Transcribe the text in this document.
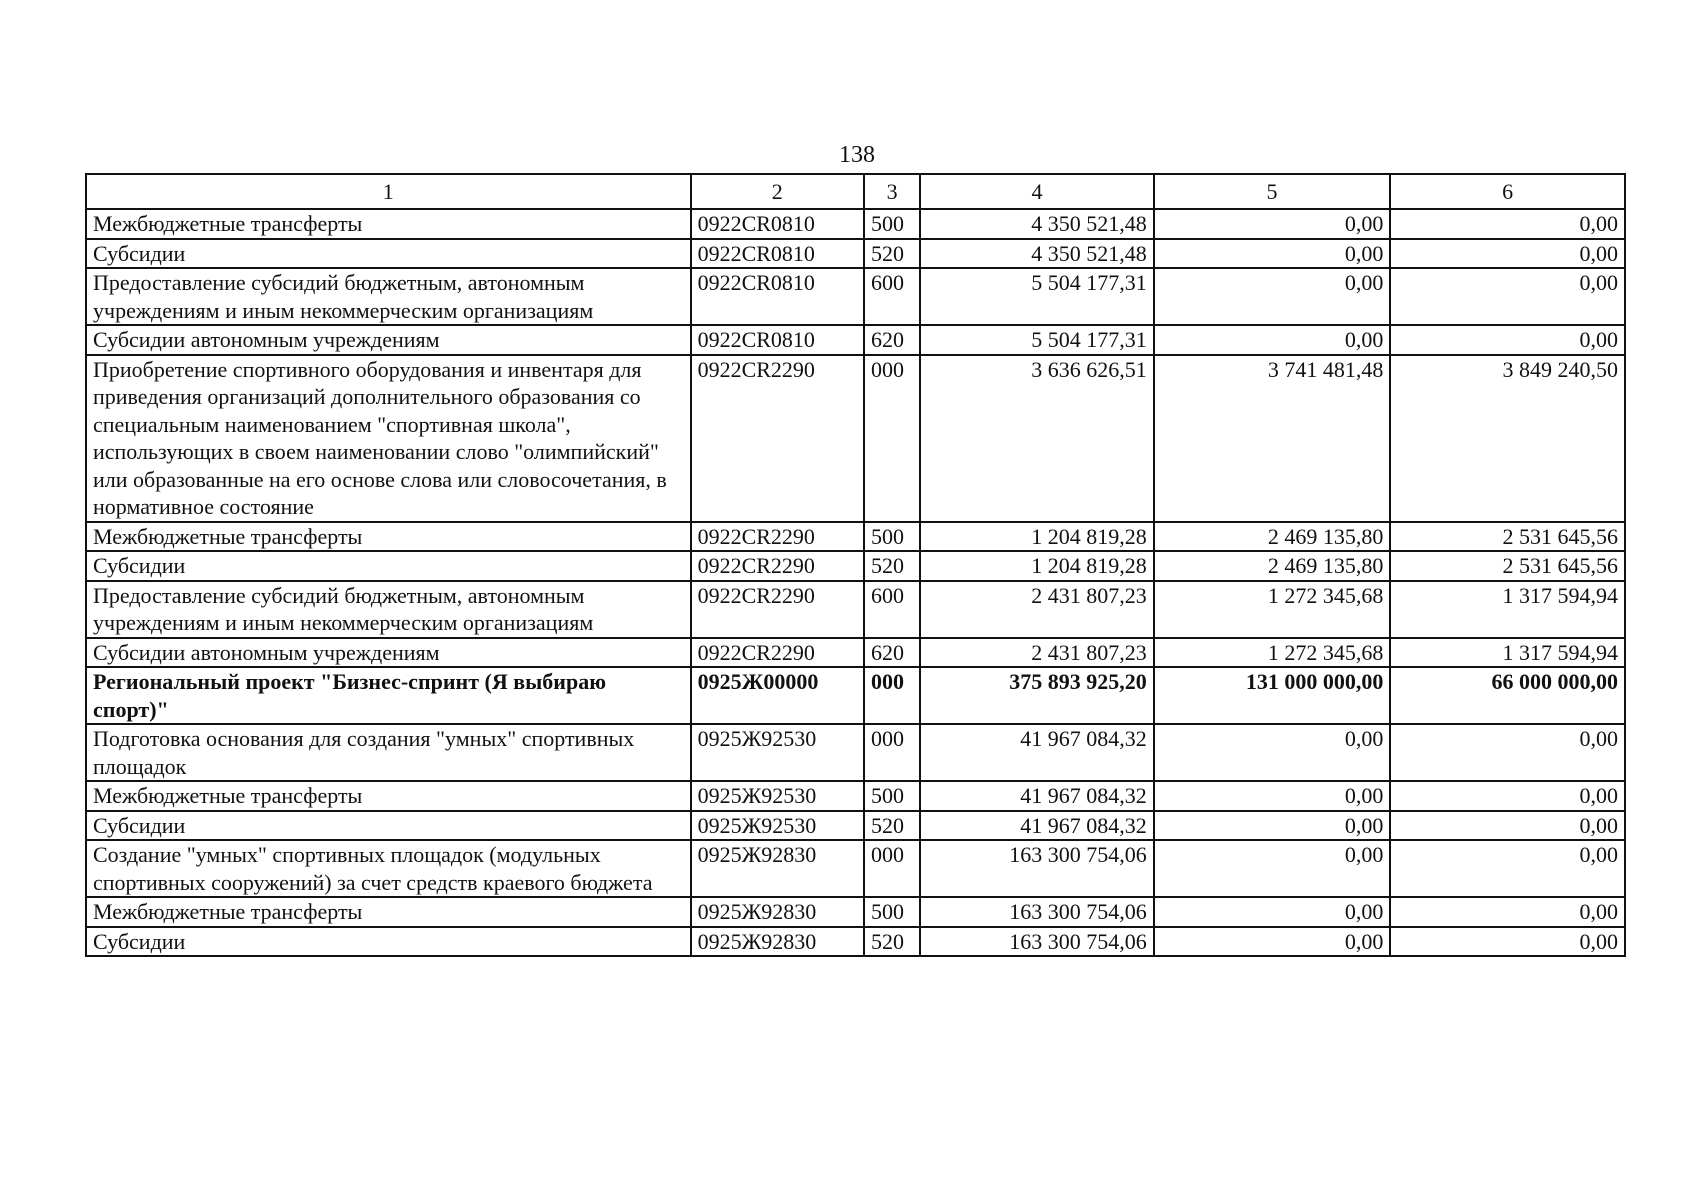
138
1	2	3	4	5	6
Межбюджетные трансферты	0922CR0810	500	4 350 521,48	0,00	0,00
Субсидии	0922CR0810	520	4 350 521,48	0,00	0,00
Предоставление субсидий бюджетным, автономным учреждениям и иным некоммерческим организациям	0922CR0810	600	5 504 177,31	0,00	0,00
Субсидии автономным учреждениям	0922CR0810	620	5 504 177,31	0,00	0,00
Приобретение спортивного оборудования и инвентаря для приведения организаций дополнительного образования со специальным наименованием "спортивная школа", использующих в своем наименовании слово "олимпийский" или образованные на его основе слова или словосочетания, в нормативное состояние	0922CR2290	000	3 636 626,51	3 741 481,48	3 849 240,50
Межбюджетные трансферты	0922CR2290	500	1 204 819,28	2 469 135,80	2 531 645,56
Субсидии	0922CR2290	520	1 204 819,28	2 469 135,80	2 531 645,56
Предоставление субсидий бюджетным, автономным учреждениям и иным некоммерческим организациям	0922CR2290	600	2 431 807,23	1 272 345,68	1 317 594,94
Субсидии автономным учреждениям	0922CR2290	620	2 431 807,23	1 272 345,68	1 317 594,94
Региональный проект "Бизнес-спринт (Я выбираю спорт)"	0925Ж00000	000	375 893 925,20	131 000 000,00	66 000 000,00
Подготовка основания для создания "умных" спортивных площадок	0925Ж92530	000	41 967 084,32	0,00	0,00
Межбюджетные трансферты	0925Ж92530	500	41 967 084,32	0,00	0,00
Субсидии	0925Ж92530	520	41 967 084,32	0,00	0,00
Создание "умных" спортивных площадок (модульных спортивных сооружений) за счет средств краевого бюджета	0925Ж92830	000	163 300 754,06	0,00	0,00
Межбюджетные трансферты	0925Ж92830	500	163 300 754,06	0,00	0,00
Субсидии	0925Ж92830	520	163 300 754,06	0,00	0,00
